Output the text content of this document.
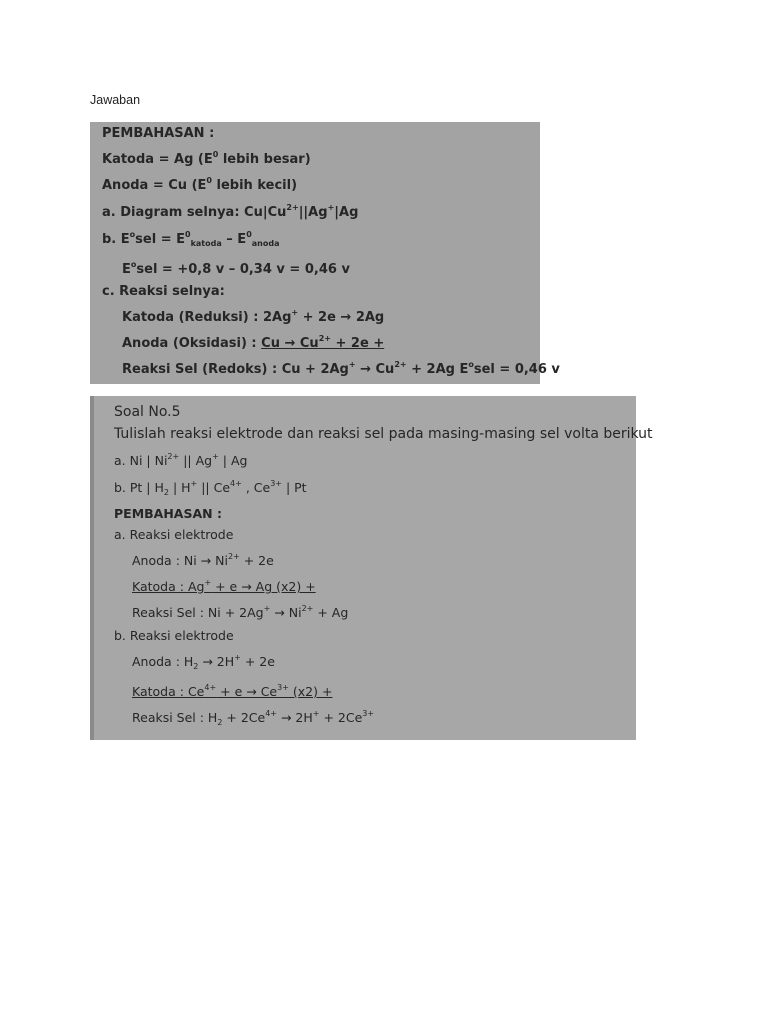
Jawaban
PEMBAHASAN :
Katoda = Ag ($E^0$ lebih besar)
Anoda = Cu ($E^0$ lebih kecil)
a. Diagram selnya: $Cu|Cu^{2+}||Ag^+|Ag$
b. $E^osel = E^0_{katoda} - E^0_{anoda}$
$E^osel = +0,8$ v – 0,34 v = 0,46 v
c. Reaksi selnya:
Katoda (Reduksi) : 2Ag+ + 2e → 2Ag
Anoda (Oksidasi) : $Cu \to Cu^{2+} + 2e$ +
Reaksi Sel (Redoks) : $Cu + 2Ag^+ \to Cu^{2+} + 2Ag$ $E^osel = 0,46$ v
Soal No.5
Tulislah reaksi elektrode dan reaksi sel pada masing-masing sel volta berikut
a. Ni | $Ni^{2+}$ || Ag+ | Ag
b. Pt | $H_2$ | H+ || $Ce^{4+}$ , $Ce^{3+}$ | Pt
PEMBAHASAN :
a. Reaksi elektrode
Anoda : $Ni \to Ni^{2+} + 2e$
Katoda : Ag+ + e → Ag (x2) +
Reaksi Sel : $Ni + 2Ag^+ \to Ni^{2+} + Ag$
b. Reaksi elektrode
Anoda : $H_2 \to 2H^+ + 2e$
Katoda : $Ce^{4+} + e \to Ce^{3+}$ (x2) +
Reaksi Sel : $H_2 + 2Ce^{4+} \to 2H^+ + 2Ce^{3+}$
